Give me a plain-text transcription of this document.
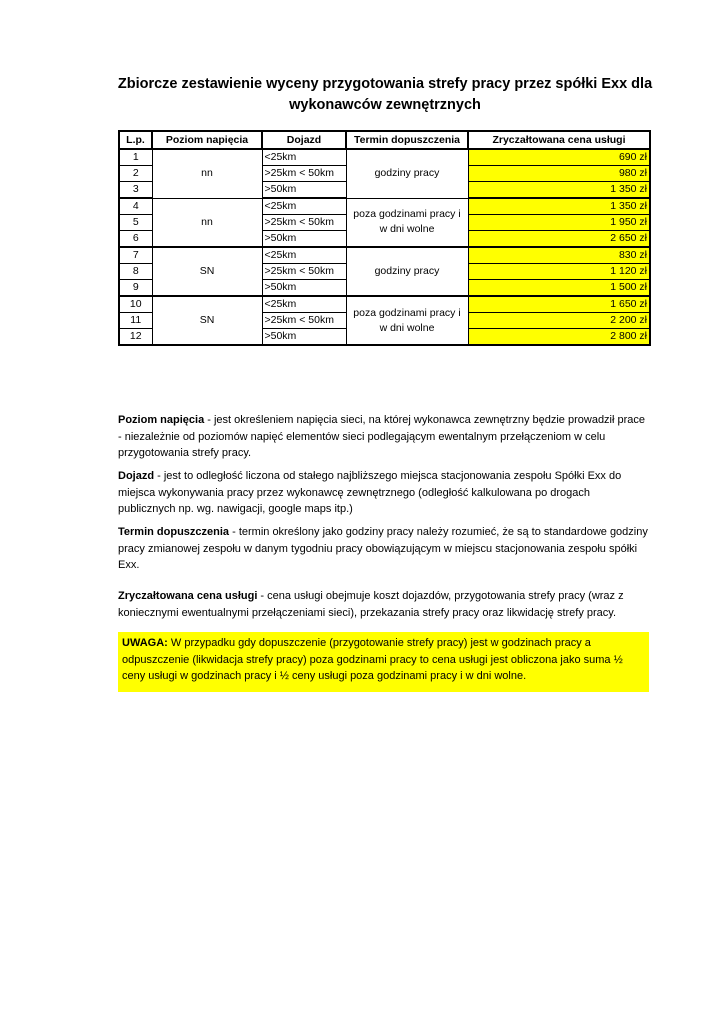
Zbiorcze zestawienie wyceny przygotowania strefy pracy przez spółki Exx dla
wykonawców zewnętrznych
L.p.	Poziom napięcia	Dojazd	Termin dopuszczenia	Zryczałtowana cena usługi
1	nn	<25km	godziny pracy	690 zł
2		>25km < 50km		980 zł
3		>50km		1 350 zł
4	nn	<25km	poza godzinami pracy i w dni wolne	1 350 zł
5		>25km < 50km		1 950 zł
6		>50km		2 650 zł
7	SN	<25km	godziny pracy	830 zł
8		>25km < 50km		1 120 zł
9		>50km		1 500 zł
10	SN	<25km	poza godzinami pracy i w dni wolne	1 650 zł
11		>25km < 50km		2 200 zł
12		>50km		2 800 zł
Poziom napięcia - jest określeniem napięcia sieci, na której wykonawca zewnętrzny będzie prowadził prace - niezależnie od poziomów napięć elementów sieci podlegającym ewentalnym przełączeniom w celu przygotowania strefy pracy.
Dojazd - jest to odległość liczona od stałego najbliższego miejsca stacjonowania zespołu Spółki Exx do miejsca wykonywania pracy przez wykonawcę zewnętrznego (odległość kalkulowana po drogach publicznych np. wg. nawigacji, google maps itp.)
Termin dopuszczenia - termin określony jako godziny pracy należy rozumieć, że są to standardowe godziny pracy zmianowej zespołu w danym tygodniu pracy obowiązującym w miejscu stacjonowania zespołu spółki Exx.
Zryczałtowana cena usługi - cena usługi obejmuje koszt dojazdów, przygotowania strefy pracy (wraz z koniecznymi ewentualnymi przełączeniami sieci), przekazania strefy pracy oraz likwidację strefy pracy.
UWAGA: W przypadku gdy dopuszczenie (przygotowanie strefy pracy) jest w godzinach pracy a odpuszczenie (likwidacja strefy pracy) poza godzinami pracy to cena usługi jest obliczona jako suma ½ ceny usługi w godzinach pracy i ½ ceny usługi poza godzinami pracy i w dni wolne.
